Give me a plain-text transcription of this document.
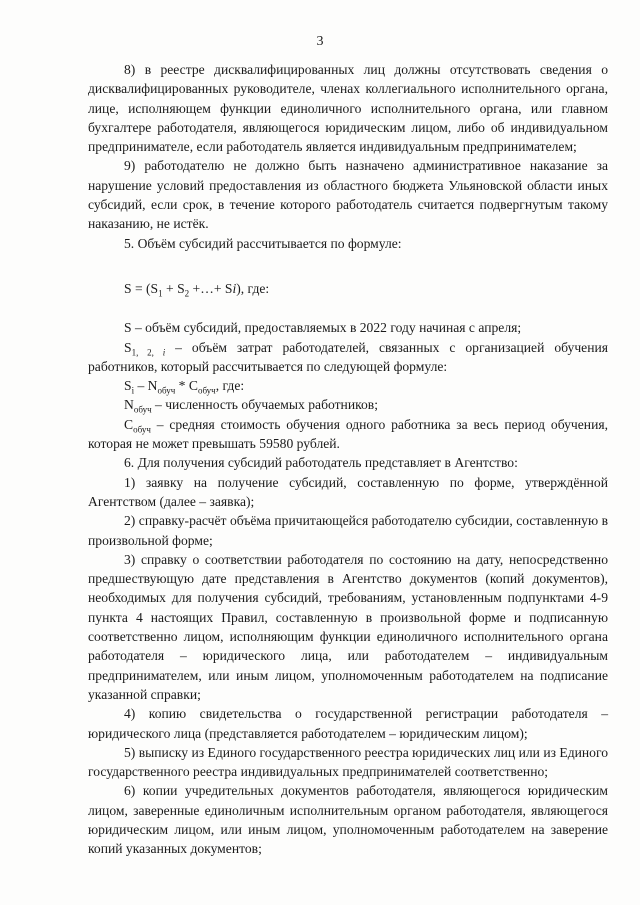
3

8) в реестре дисквалифицированных лиц должны отсутствовать сведения о дисквалифицированных руководителе, членах коллегиального исполнительного органа, лице, исполняющем функции единоличного исполнительного органа, или главном бухгалтере работодателя, являющегося юридическим лицом, либо об индивидуальном предпринимателе, если работодатель является индивидуальным предпринимателем;

9) работодателю не должно быть назначено административное наказание за нарушение условий предоставления из областного бюджета Ульяновской области иных субсидий, если срок, в течение которого работодатель считается подвергнутым такому наказанию, не истёк.

5. Объём субсидий рассчитывается по формуле:

$S = (S_1 + S_2$ +…+ Si), где:

S – объём субсидий, предоставляемых в 2022 году начиная с апреля;

$S_{1, 2, i}$ – объём затрат работодателей, связанных с организацией обучения работников, который рассчитывается по следующей формуле:

$S_i - N_{обуч} * C_{обуч}$, где:

$N_{обуч}$ – численность обучаемых работников;

$C_{обуч}$ – средняя стоимость обучения одного работника за весь период обучения, которая не может превышать 59580 рублей.

6. Для получения субсидий работодатель представляет в Агентство:

1) заявку на получение субсидий, составленную по форме, утверждённой Агентством (далее – заявка);

2) справку-расчёт объёма причитающейся работодателю субсидии, составленную в произвольной форме;

3) справку о соответствии работодателя по состоянию на дату, непосредственно предшествующую дате представления в Агентство документов (копий документов), необходимых для получения субсидий, требованиям, установленным подпунктами 4-9 пункта 4 настоящих Правил, составленную в произвольной форме и подписанную соответственно лицом, исполняющим функции единоличного исполнительного органа работодателя – юридического лица, или работодателем – индивидуальным предпринимателем, или иным лицом, уполномоченным работодателем на подписание указанной справки;

4) копию свидетельства о государственной регистрации работодателя – юридического лица (представляется работодателем – юридическим лицом);

5) выписку из Единого государственного реестра юридических лиц или из Единого государственного реестра индивидуальных предпринимателей соответственно;

6) копии учредительных документов работодателя, являющегося юридическим лицом, заверенные единоличным исполнительным органом работодателя, являющегося юридическим лицом, или иным лицом, уполномоченным работодателем на заверение копий указанных документов;
